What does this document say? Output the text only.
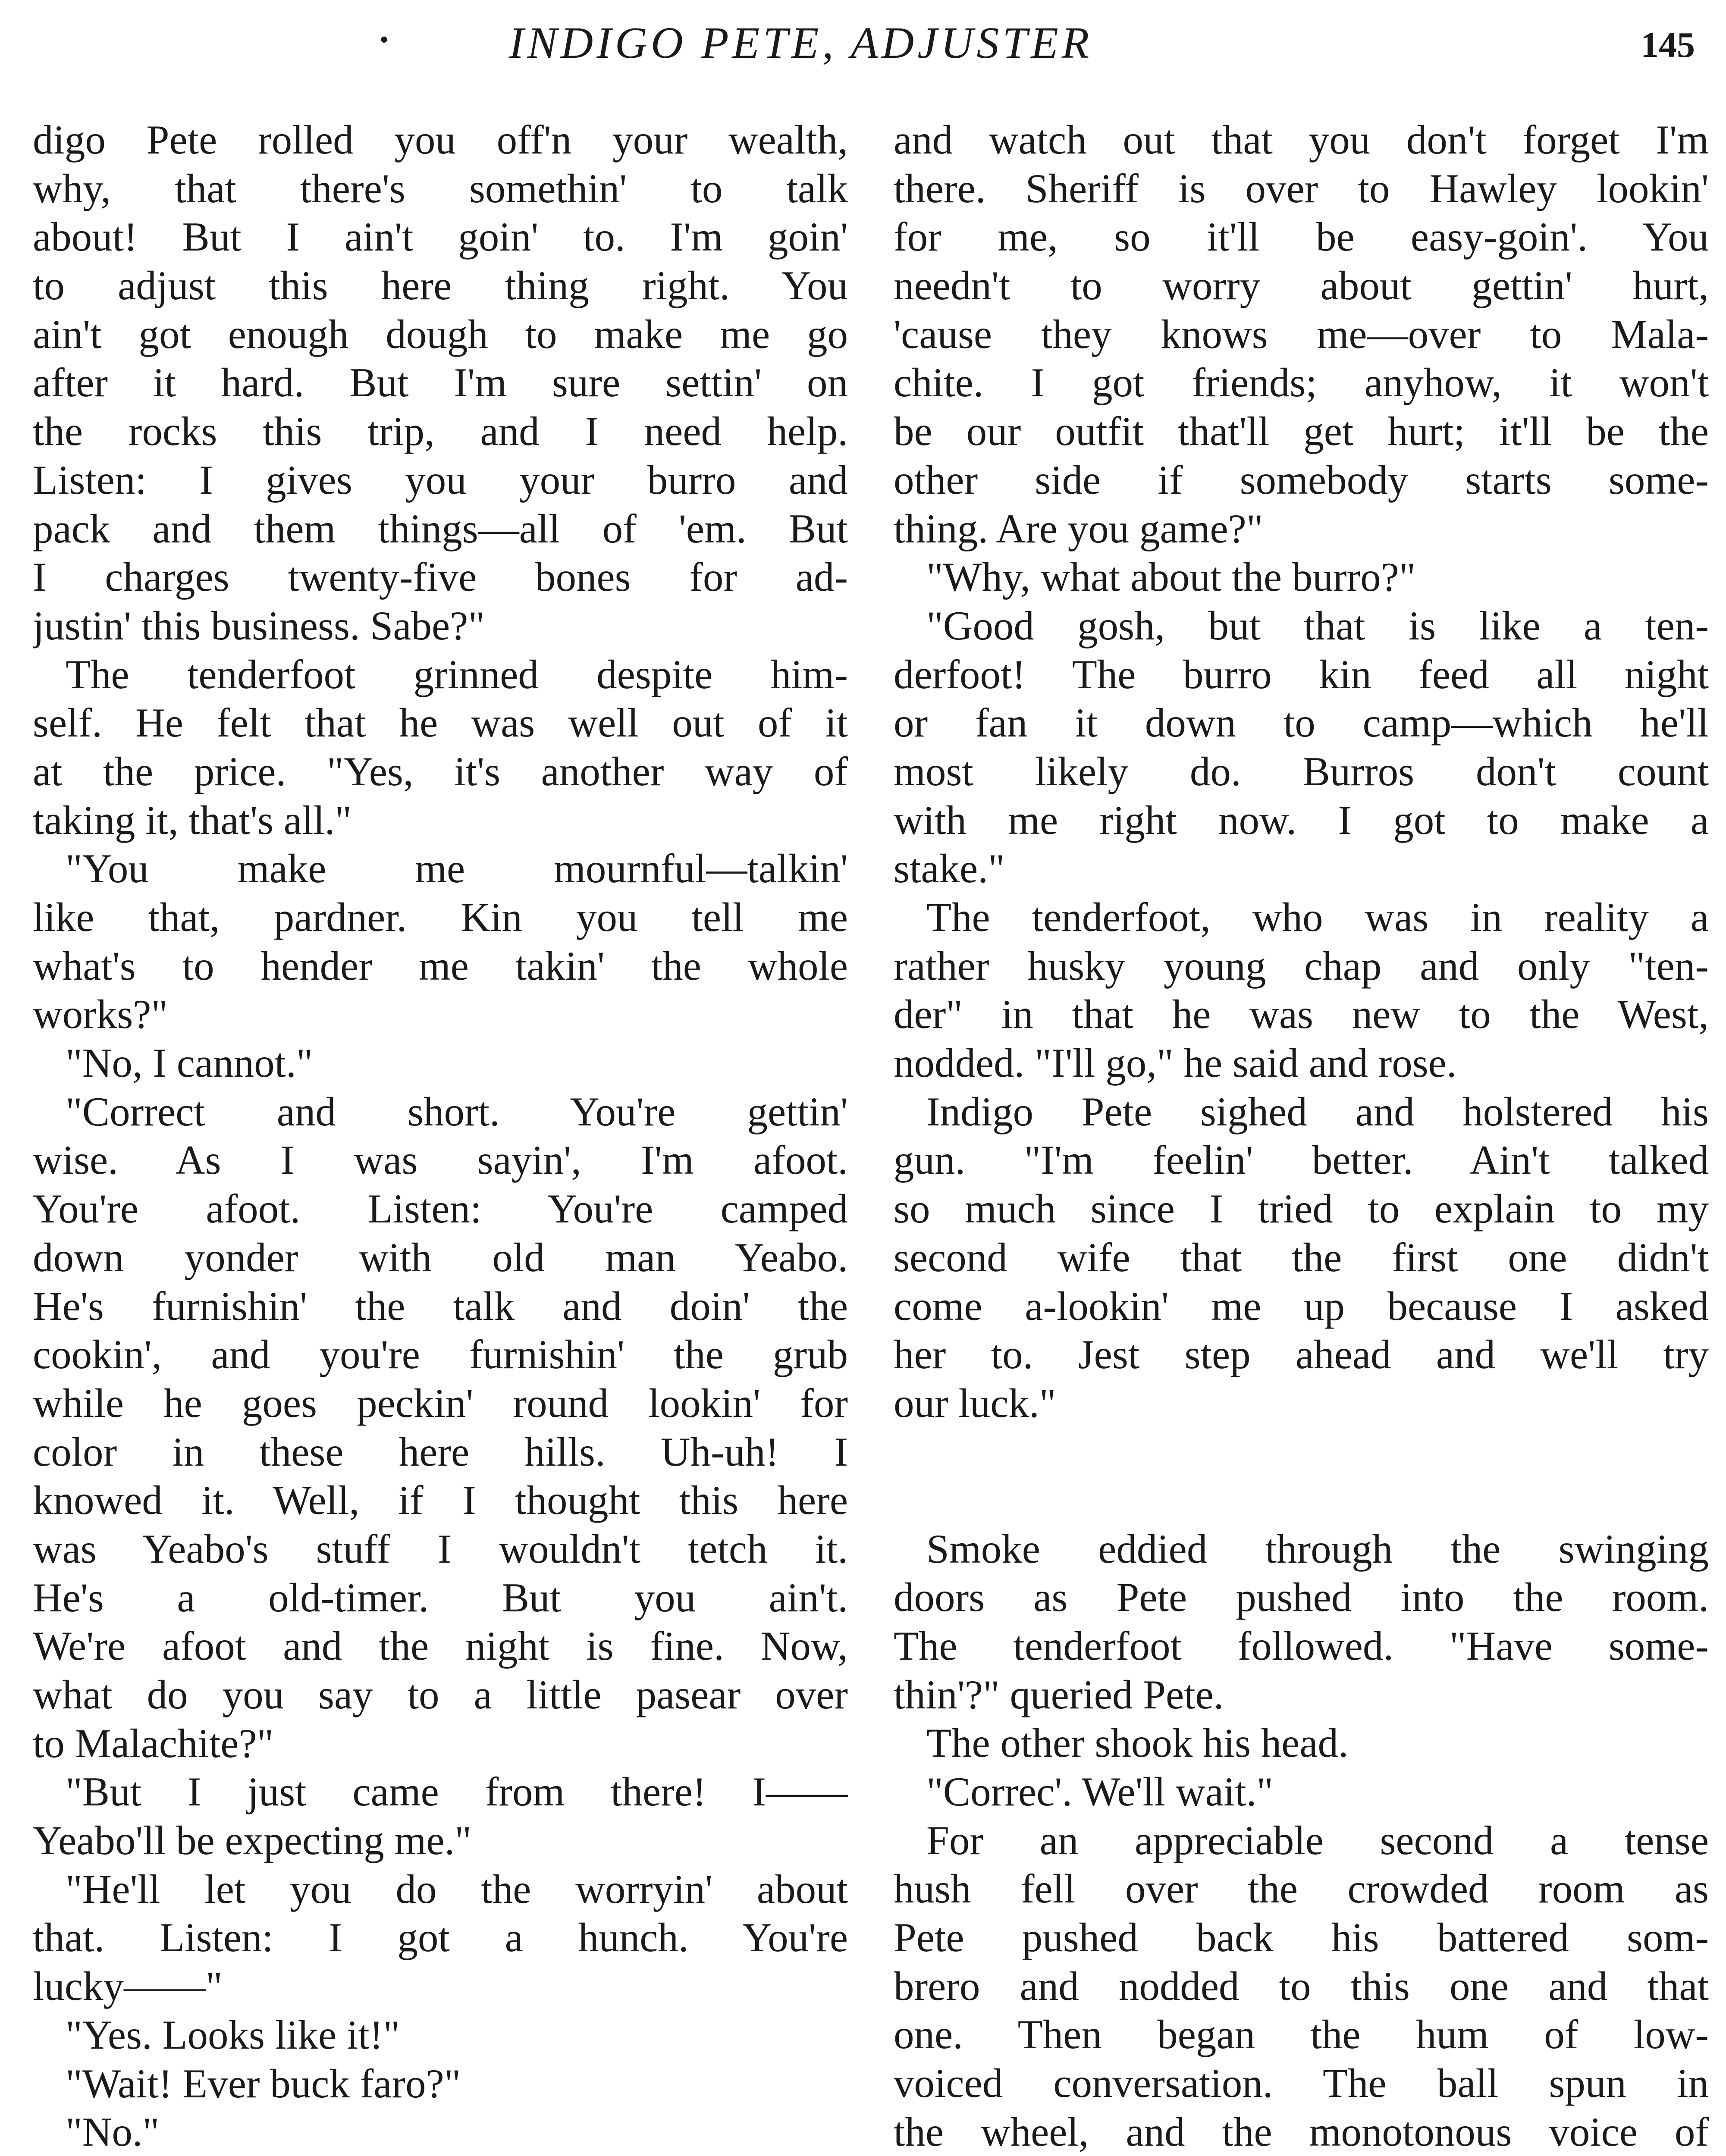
•	INDIGO PETE, ADJUSTER	145
digo Pete rolled you off'n your wealth,
why, that there's somethin' to talk
about! But I ain't goin' to. I'm goin'
to adjust this here thing right. You
ain't got enough dough to make me go
after it hard. But I'm sure settin' on
the rocks this trip, and I need help.
Listen: I gives you your burro and
pack and them things—all of 'em. But
I charges twenty-five bones for ad-
justin' this business. Sabe?"
The tenderfoot grinned despite him-
self. He felt that he was well out of it
at the price. "Yes, it's another way of
taking it, that's all."
"You make me mournful—talkin'
like that, pardner. Kin you tell me
what's to hender me takin' the whole
works?"
"No, I cannot."
"Correct and short. You're gettin'
wise. As I was sayin', I'm afoot.
You're afoot. Listen: You're camped
down yonder with old man Yeabo.
He's furnishin' the talk and doin' the
cookin', and you're furnishin' the grub
while he goes peckin' round lookin' for
color in these here hills. Uh-uh! I
knowed it. Well, if I thought this here
was Yeabo's stuff I wouldn't tetch it.
He's a old-timer. But you ain't.
We're afoot and the night is fine. Now,
what do you say to a little pasear over
to Malachite?"
"But I just came from there! I——
Yeabo'll be expecting me."
"He'll let you do the worryin' about
that. Listen: I got a hunch. You're
lucky——"
"Yes. Looks like it!"
"Wait! Ever buck faro?"
"No."
and watch out that you don't forget I'm
there. Sheriff is over to Hawley lookin'
for me, so it'll be easy-goin'. You
needn't to worry about gettin' hurt,
'cause they knows me—over to Mala-
chite. I got friends; anyhow, it won't
be our outfit that'll get hurt; it'll be the
other side if somebody starts some-
thing. Are you game?"
"Why, what about the burro?"
"Good gosh, but that is like a ten-
derfoot! The burro kin feed all night
or fan it down to camp—which he'll
most likely do. Burros don't count
with me right now. I got to make a
stake."
The tenderfoot, who was in reality a
rather husky young chap and only "ten-
der" in that he was new to the West,
nodded. "I'll go," he said and rose.
Indigo Pete sighed and holstered his
gun. "I'm feelin' better. Ain't talked
so much since I tried to explain to my
second wife that the first one didn't
come a-lookin' me up because I asked
her to. Jest step ahead and we'll try
our luck."
Smoke eddied through the swinging
doors as Pete pushed into the room.
The tenderfoot followed. "Have some-
thin'?" queried Pete.
The other shook his head.
"Correc'. We'll wait."
For an appreciable second a tense
hush fell over the crowded room as
Pete pushed back his battered som-
brero and nodded to this one and that
one. Then began the hum of low-
voiced conversation. The ball spun in
the wheel, and the monotonous voice of
